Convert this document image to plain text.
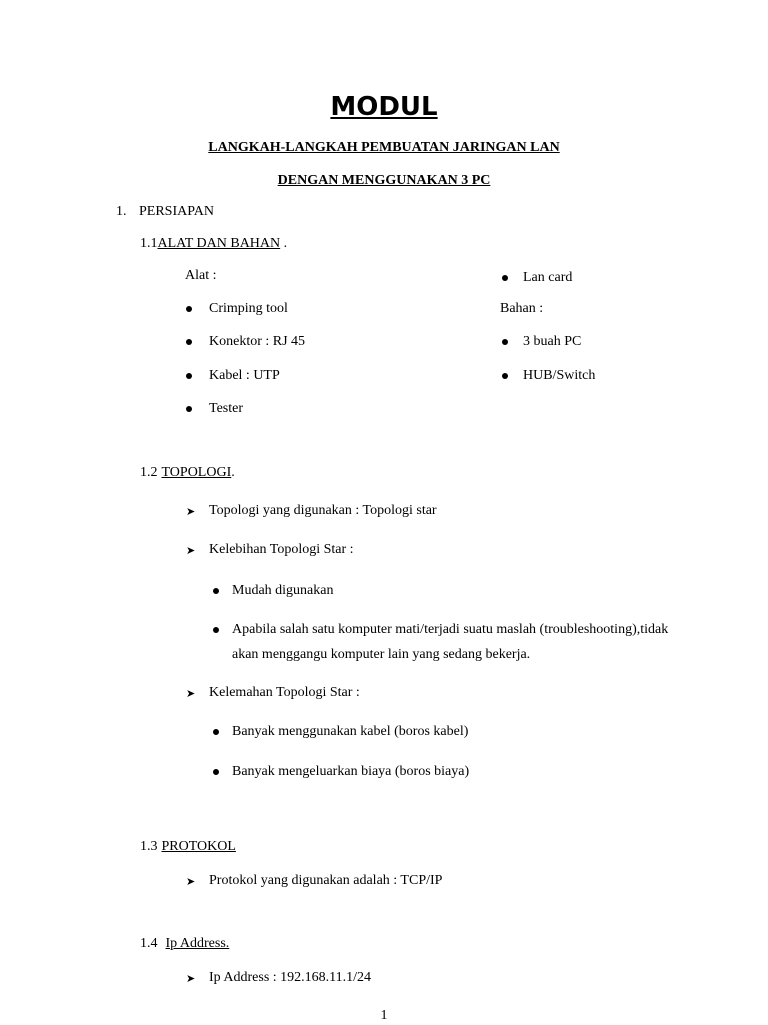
MODUL
LANGKAH-LANGKAH PEMBUATAN JARINGAN LAN
DENGAN MENGGUNAKAN 3 PC
1. PERSIAPAN
1.1ALAT DAN BAHAN .
Alat :
Crimping tool
Konektor : RJ 45
Kabel : UTP
Tester
Lan card
Bahan :
3 buah PC
HUB/Switch
1.2 TOPOLOGI.
➤ Topologi yang digunakan : Topologi star
➤ Kelebihan Topologi Star :
Mudah digunakan
Apabila salah satu komputer mati/terjadi suatu maslah (troubleshooting),tidak
akan menggangu komputer lain yang sedang bekerja.
➤ Kelemahan Topologi Star :
Banyak menggunakan kabel (boros kabel)
Banyak mengeluarkan biaya (boros biaya)
1.3 PROTOKOL
➤ Protokol yang digunakan adalah : TCP/IP
1.4 Ip Address.
➤ Ip Address : 192.168.11.1/24
1
